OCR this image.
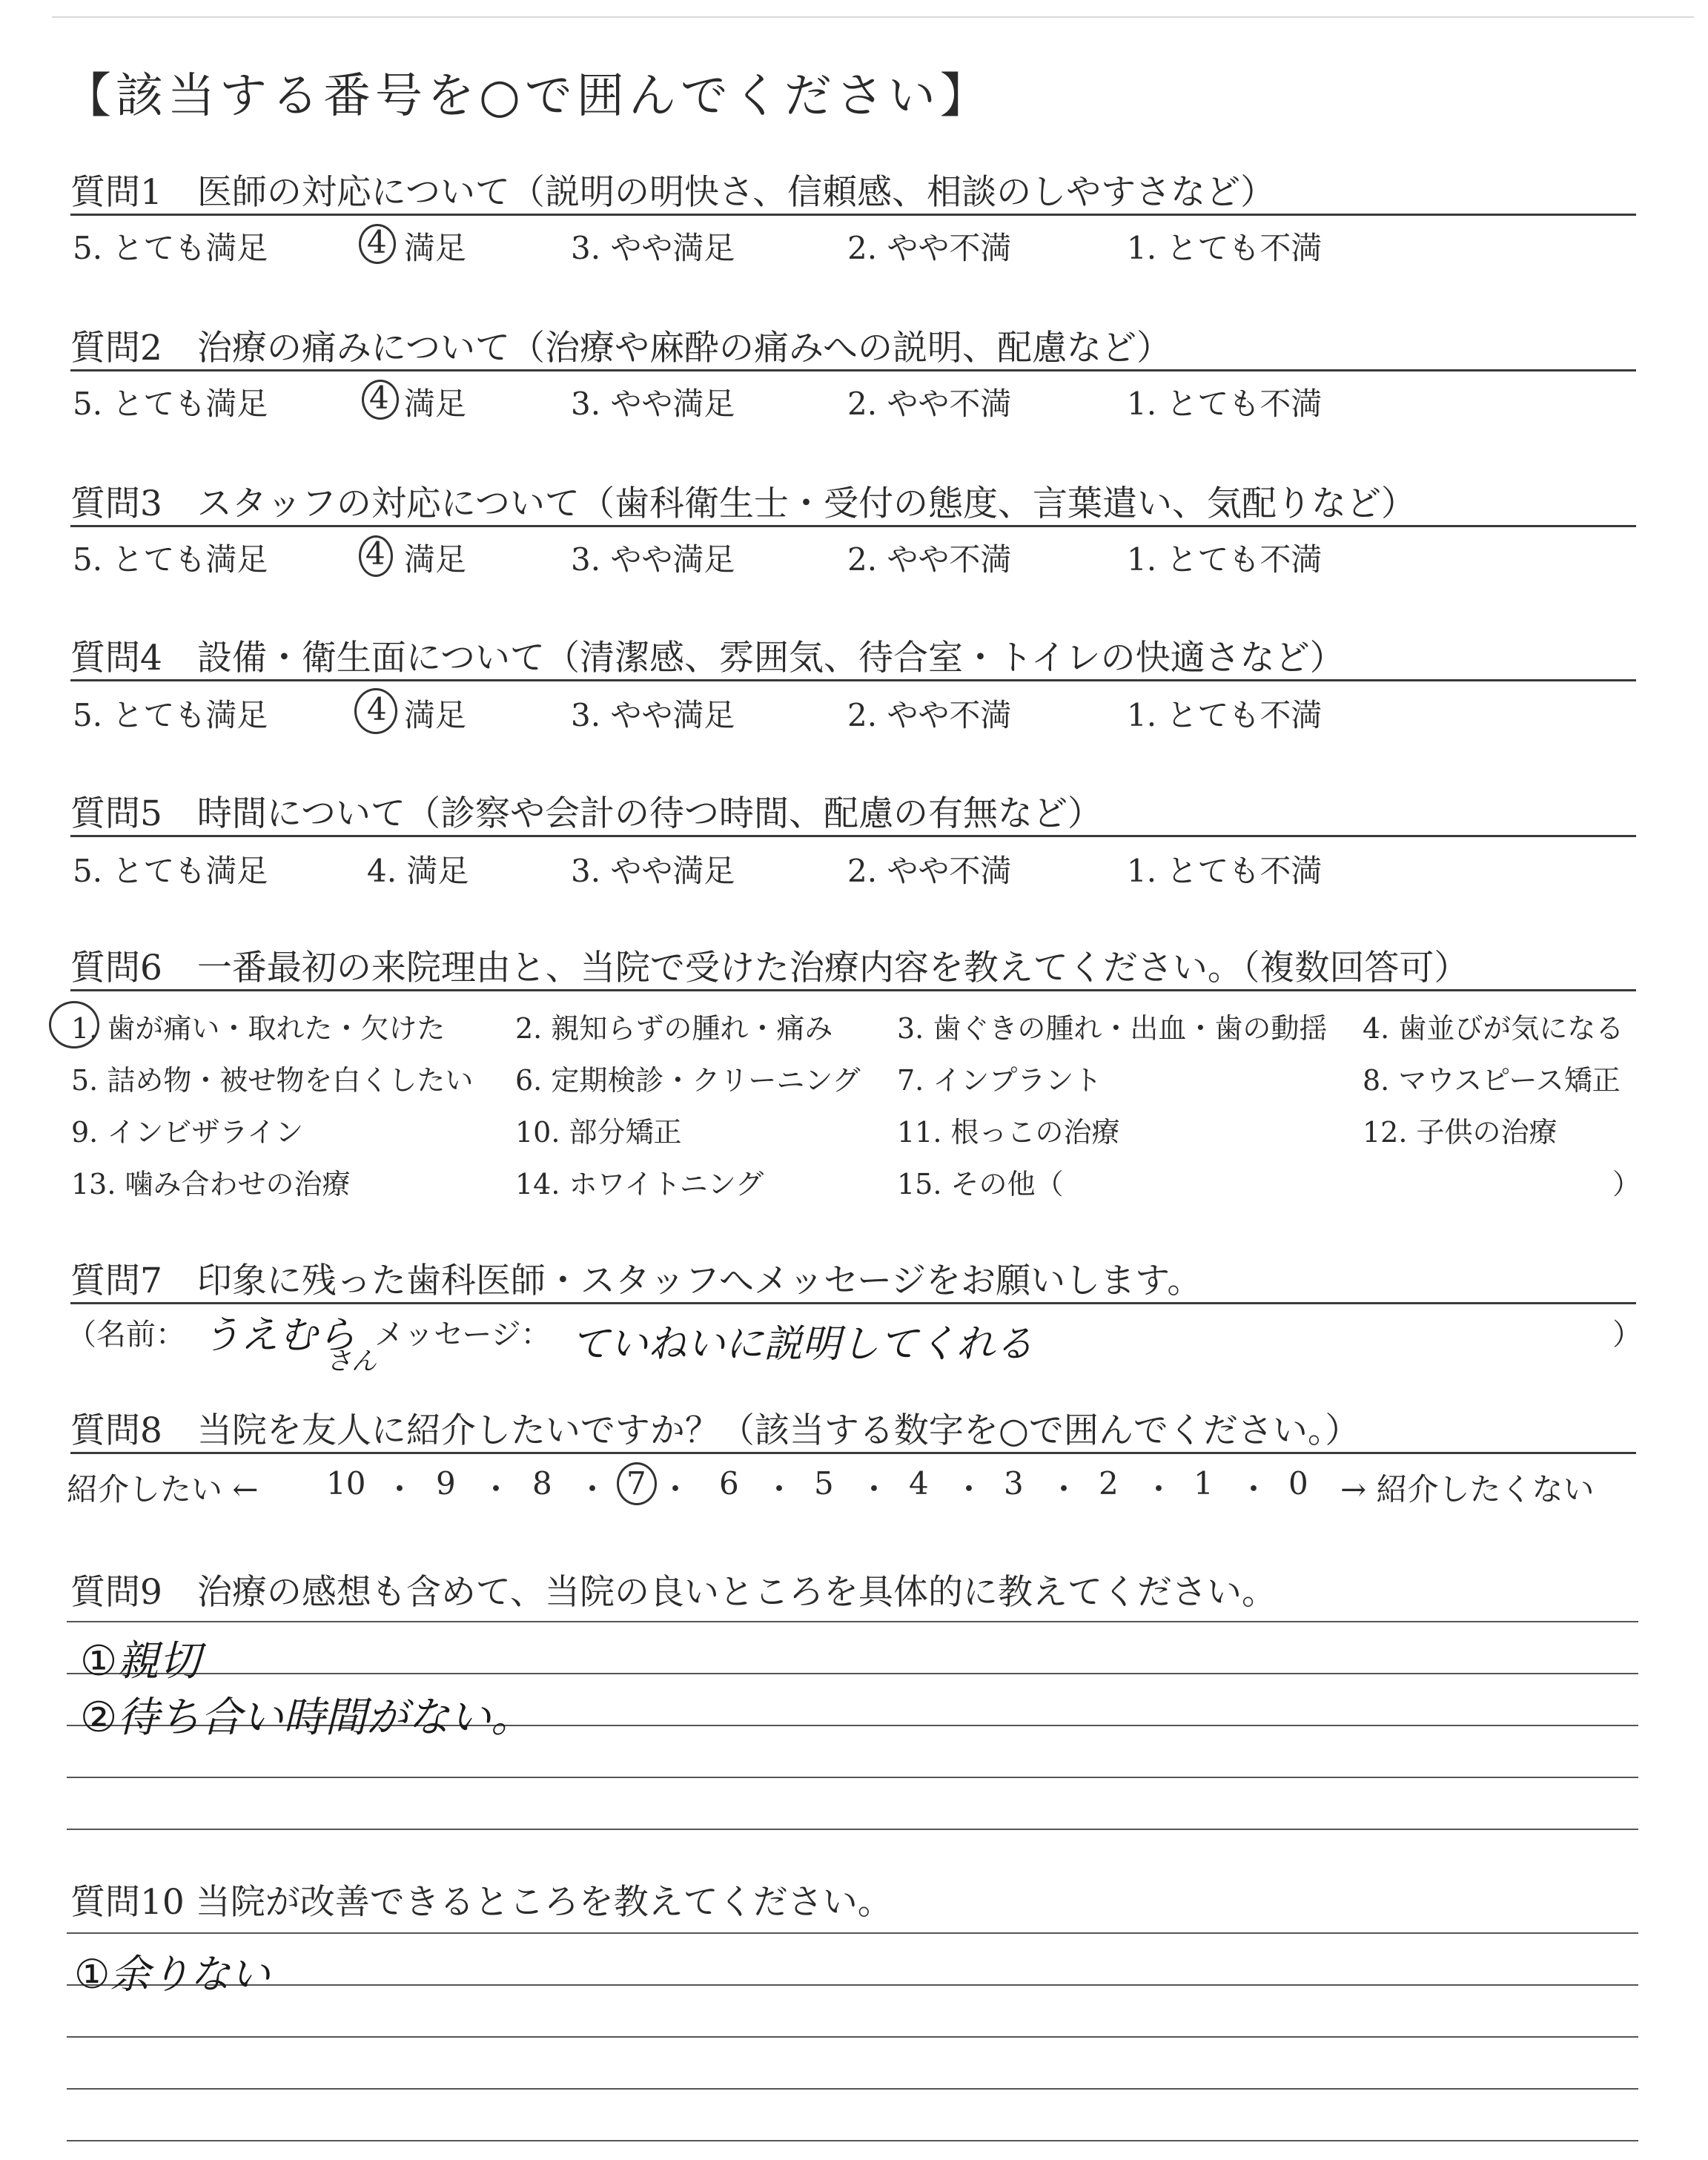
【該当する番号を○で囲んでください】
質問1　医師の対応について（説明の明快さ、信頼感、相談のしやすさなど）
5. とても満足	4 満足	3. やや満足	2. やや不満	1. とても不満
質問2　治療の痛みについて（治療や麻酔の痛みへの説明、配慮など）
5. とても満足	4 満足	3. やや満足	2. やや不満	1. とても不満
質問3　スタッフの対応について（歯科衛生士・受付の態度、言葉遣い、気配りなど）
5. とても満足	4 満足	3. やや満足	2. やや不満	1. とても不満
質問4　設備・衛生面について（清潔感、雰囲気、待合室・トイレの快適さなど）
5. とても満足	4 満足	3. やや満足	2. やや不満	1. とても不満
質問5　時間について（診察や会計の待つ時間、配慮の有無など）
5. とても満足	4. 満足	3. やや満足	2. やや不満	1. とても不満
質問6　一番最初の来院理由と、当院で受けた治療内容を教えてください。（複数回答可）
1. 歯が痛い・取れた・欠けた 2. 親知らずの腫れ・痛み 3. 歯ぐきの腫れ・出血・歯の動揺 4. 歯並びが気になる
5. 詰め物・被せ物を白くしたい 6. 定期検診・クリーニング 7. インプラント	8. マウスピース矯正
9. インビザライン	10. 部分矯正	11. 根っこの治療	12. 子供の治療
13. 噛み合わせの治療	14. ホワイトニング	15. その他（	）
質問7　印象に残った歯科医師・スタッフへメッセージをお願いします。
（名前： うえむら
さん
メッセージ： ていねいに説明してくれる	）
質問8　当院を友人に紹介したいですか？（該当する数字を○で囲んでください。）
紹介したい ← 10 ・ 9 ・ 8 ・ 7 ・ 6 ・ 5 ・ 4 ・ 3 ・ 2 ・ 1 ・ 0 → 紹介したくない
質問9　治療の感想も含めて、当院の良いところを具体的に教えてください。
①親切
②待ち合い時間がない。
質問10 当院が改善できるところを教えてください。
①余りない
